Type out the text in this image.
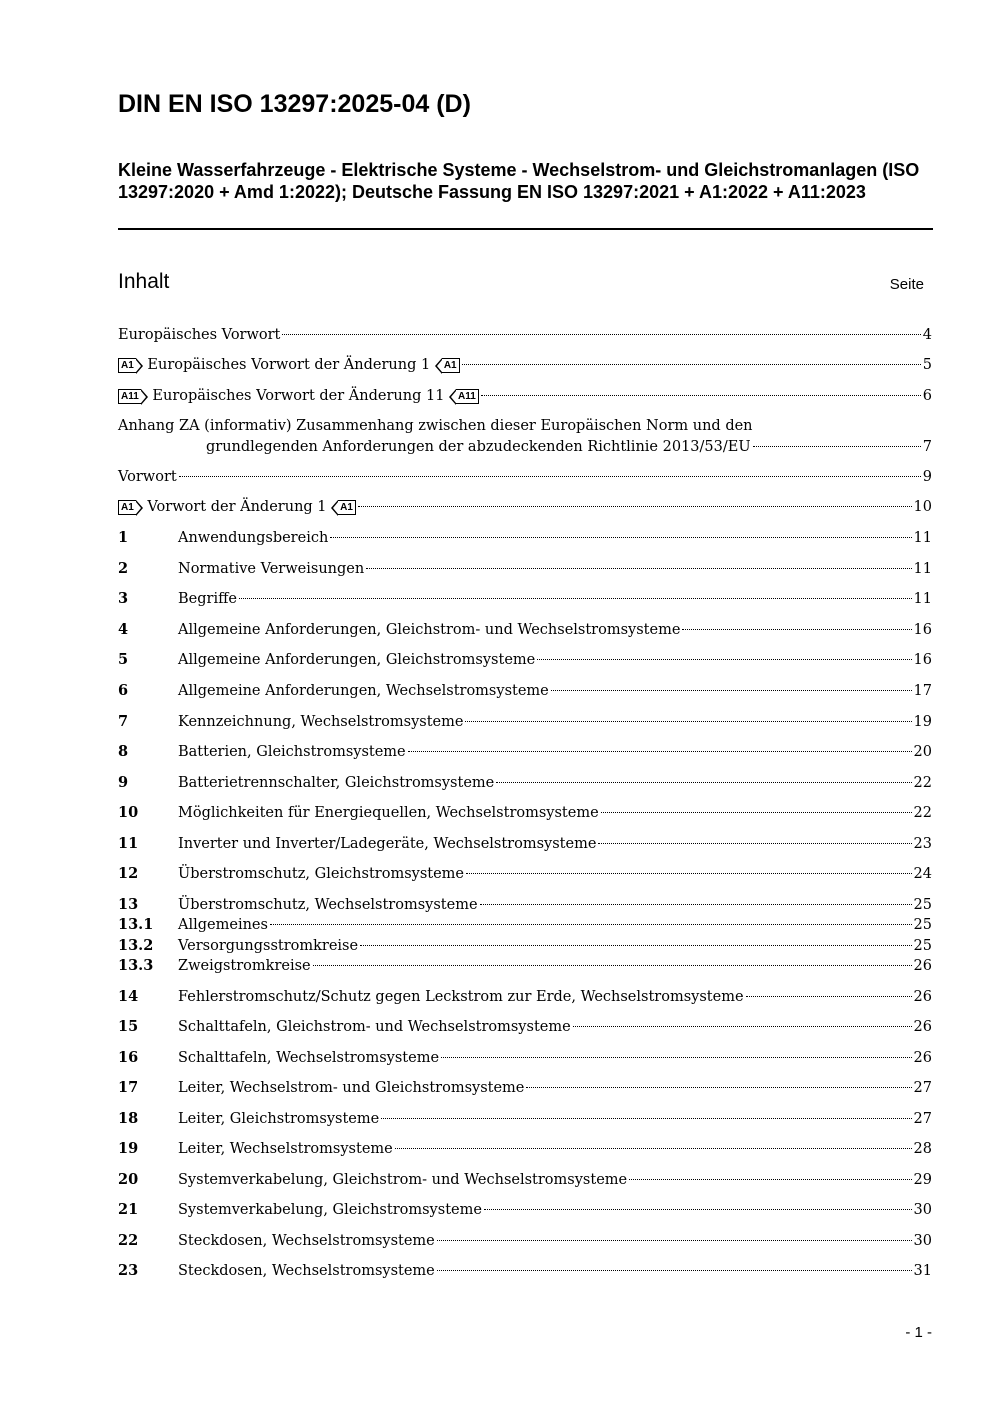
DIN EN ISO 13297:2025-04 (D)
Kleine Wasserfahrzeuge - Elektrische Systeme - Wechselstrom- und Gleichstromanlagen (ISO 13297:2020 + Amd 1:2022); Deutsche Fassung EN ISO 13297:2021 + A1:2022 + A11:2023
Inhalt	Seite
Europäisches Vorwort	4
A1 Europäisches Vorwort der Änderung 1 A1	5
A11 Europäisches Vorwort der Änderung 11 A11	6
Anhang ZA (informativ) Zusammenhang zwischen dieser Europäischen Norm und den
grundlegenden Anforderungen der abzudeckenden Richtlinie 2013/53/EU	7
Vorwort	9
A1 Vorwort der Änderung 1 A1	10
1	Anwendungsbereich	11
2	Normative Verweisungen	11
3	Begriffe	11
4	Allgemeine Anforderungen, Gleichstrom- und Wechselstromsysteme	16
5	Allgemeine Anforderungen, Gleichstromsysteme	16
6	Allgemeine Anforderungen, Wechselstromsysteme	17
7	Kennzeichnung, Wechselstromsysteme	19
8	Batterien, Gleichstromsysteme	20
9	Batterietrennschalter, Gleichstromsysteme	22
10	Möglichkeiten für Energiequellen, Wechselstromsysteme	22
11	Inverter und Inverter/Ladegeräte, Wechselstromsysteme	23
12	Überstromschutz, Gleichstromsysteme	24
13	Überstromschutz, Wechselstromsysteme	25
13.1	Allgemeines	25
13.2	Versorgungsstromkreise	25
13.3	Zweigstromkreise	26
14	Fehlerstromschutz/Schutz gegen Leckstrom zur Erde, Wechselstromsysteme	26
15	Schalttafeln, Gleichstrom- und Wechselstromsysteme	26
16	Schalttafeln, Wechselstromsysteme	26
17	Leiter, Wechselstrom- und Gleichstromsysteme	27
18	Leiter, Gleichstromsysteme	27
19	Leiter, Wechselstromsysteme	28
20	Systemverkabelung, Gleichstrom- und Wechselstromsysteme	29
21	Systemverkabelung, Gleichstromsysteme	30
22	Steckdosen, Wechselstromsysteme	30
23	Steckdosen, Wechselstromsysteme	31
- 1 -
